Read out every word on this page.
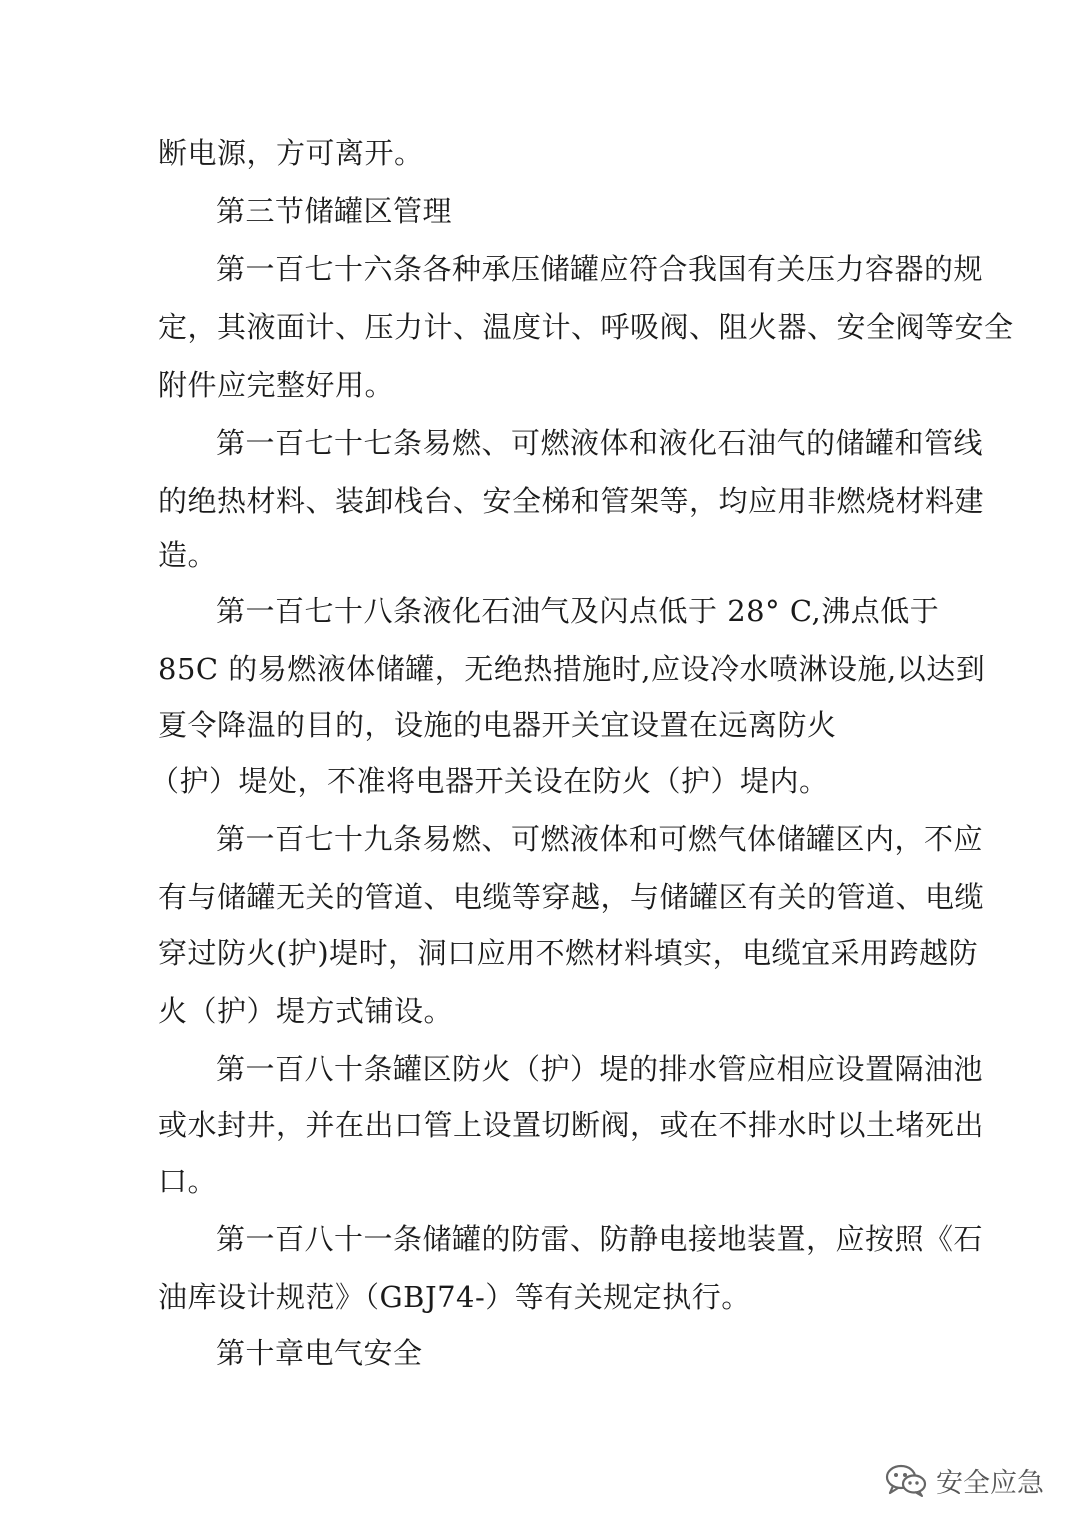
断电源，方可离开。
第三节储罐区管理
第一百七十六条各种承压储罐应符合我国有关压力容器的规
定，其液面计、压力计、温度计、呼吸阀、阻火器、安全阀等安全
附件应完整好用。
第一百七十七条易燃、可燃液体和液化石油气的储罐和管线
的绝热材料、装卸栈台、安全梯和管架等，均应用非燃烧材料建
造。
第一百七十八条液化石油气及闪点低于 28° C,沸点低于
85C 的易燃液体储罐，无绝热措施时,应设冷水喷淋设施,以达到
夏令降温的目的，设施的电器开关宜设置在远离防火
（护）堤处，不准将电器开关设在防火（护）堤内。
第一百七十九条易燃、可燃液体和可燃气体储罐区内，不应
有与储罐无关的管道、电缆等穿越，与储罐区有关的管道、电缆
穿过防火(护)堤时，洞口应用不燃材料填实，电缆宜采用跨越防
火（护）堤方式铺设。
第一百八十条罐区防火（护）堤的排水管应相应设置隔油池
或水封井，并在出口管上设置切断阀，或在不排水时以土堵死出
口。
第一百八十一条储罐的防雷、防静电接地装置，应按照《石
油库设计规范》（GBJ74-）等有关规定执行。
第十章电气安全
安全应急
